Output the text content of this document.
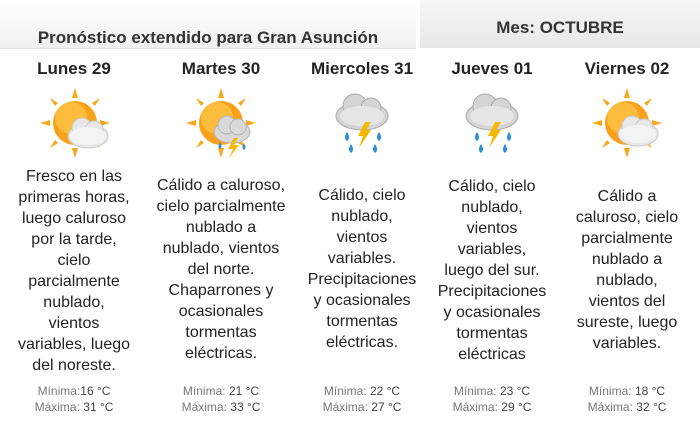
Pronóstico extendido para Gran Asunción
Mes: OCTUBRE
Lunes 29
Fresco en las
primeras horas,
luego caluroso
por la tarde,
cielo
parcialmente
nublado,
vientos
variables, luego
del noreste.
Mínima:16 °C
Máxima: 31 °C
Martes 30
Cálido a caluroso,
cielo parcialmente
nublado a
nublado, vientos
del norte.
Chaparrones y
ocasionales
tormentas
eléctricas.
Mínima: 21 °C
Máxima: 33 °C
Miercoles 31
Cálido, cielo
nublado,
vientos
variables.
Precipitaciones
y ocasionales
tormentas
eléctricas.
Mínima: 22 °C
Máxima: 27 °C
Jueves 01
Cálido, cielo
nublado,
vientos
variables,
luego del sur.
Precipitaciones
y ocasionales
tormentas
eléctricas
Mínima: 23 °C
Máxima: 29 °C
Viernes 02
Cálido a
caluroso, cielo
parcialmente
nublado a
nublado,
vientos del
sureste, luego
variables.
Mínima: 18 °C
Máxima: 32 °C
